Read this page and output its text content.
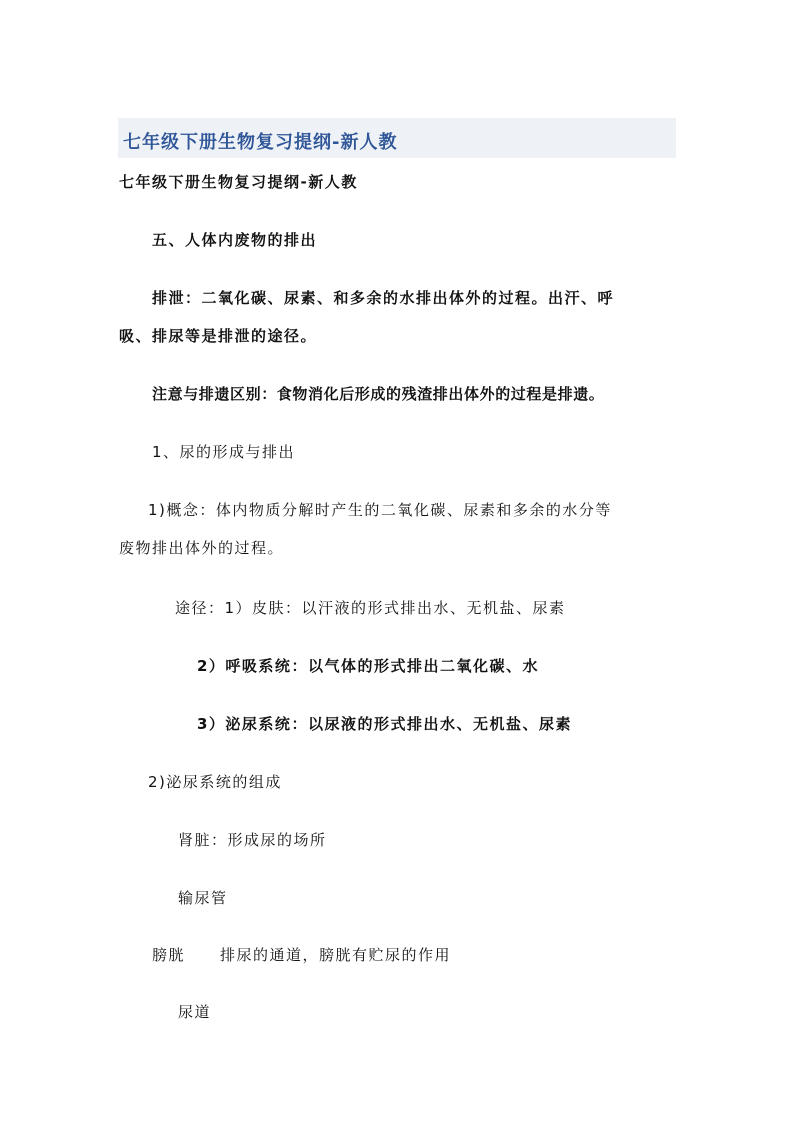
七年级下册生物复习提纲-新人教
七年级下册生物复习提纲-新人教
五、人体内废物的排出
排泄：二氧化碳、尿素、和多余的水排出体外的过程。出汗、呼
吸、排尿等是排泄的途径。
注意与排遗区别：食物消化后形成的残渣排出体外的过程是排遗。
1、尿的形成与排出
1)概念：体内物质分解时产生的二氧化碳、尿素和多余的水分等
废物排出体外的过程。
途径：1）皮肤：以汗液的形式排出水、无机盐、尿素
2）呼吸系统：以气体的形式排出二氧化碳、水
3）泌尿系统：以尿液的形式排出水、无机盐、尿素
2)泌尿系统的组成
肾脏：形成尿的场所
输尿管
膀胱 排尿的通道，膀胱有贮尿的作用
尿道
